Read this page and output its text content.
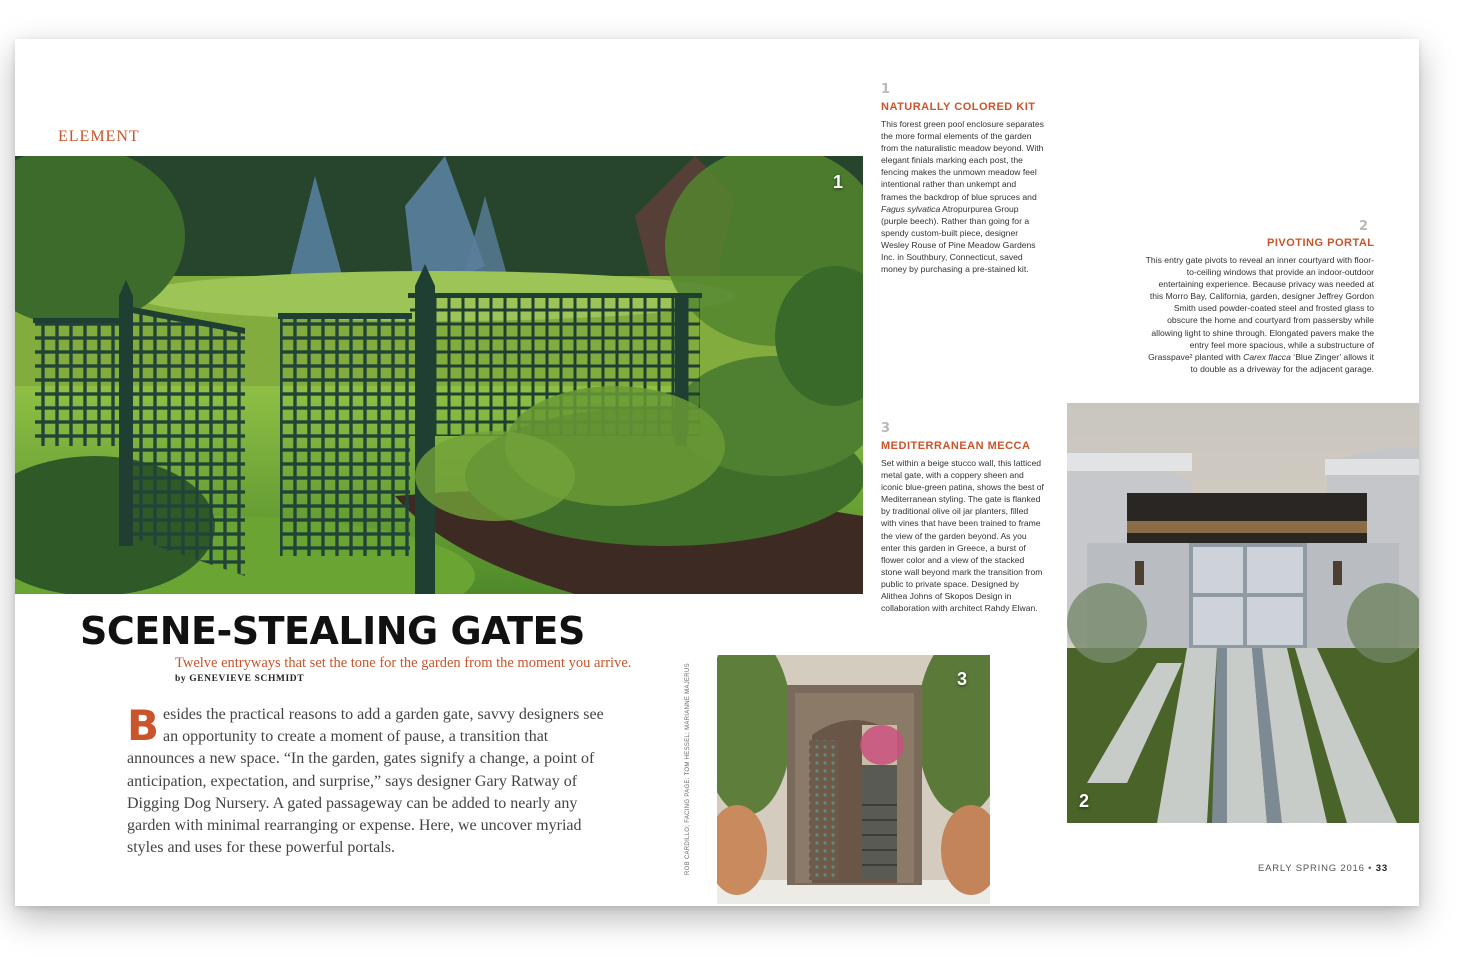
1
ELEMENT
SCENE-STEALING GATES
Twelve entryways that set the tone for the garden from the moment you arrive.
by GENEVIEVE SCHMIDT
Besides the practical reasons to add a garden gate, savvy designers see an opportunity to create a moment of pause, a transition that announces a new space. “In the garden, gates signify a change, a point of anticipation, expectation, and surprise,” says designer Gary Ratway of Digging Dog Nursery. A gated passageway can be added to nearly any garden with minimal rearranging or expense. Here, we uncover myriad styles and uses for these powerful portals.	ROB CARDILLO; FACING PAGE: TOM HESSEL; MARIANNE MAJERUS	3
1
NATURALLY COLORED KIT
This forest green pool enclosure separates the more formal elements of the garden from the naturalistic meadow beyond. With elegant finials marking each post, the fencing makes the unmown meadow feel intentional rather than unkempt and frames the backdrop of blue spruces and Fagus sylvatica Atropurpurea Group (purple beech). Rather than going for a spendy custom-built piece, designer Wesley Rouse of Pine Meadow Gardens Inc. in Southbury, Connecticut, saved money by purchasing a pre-stained kit.
3
MEDITERRANEAN MECCA
Set within a beige stucco wall, this latticed metal gate, with a coppery sheen and iconic blue-green patina, shows the best of Mediterranean styling. The gate is flanked by traditional olive oil jar planters, filled with vines that have been trained to frame the view of the garden beyond. As you enter this garden in Greece, a burst of flower color and a view of the stacked stone wall beyond mark the transition from public to private space. Designed by Alithea Johns of Skopos Design in collaboration with architect Rahdy Elwan.
2
PIVOTING PORTAL
This entry gate pivots to reveal an inner courtyard with floor-to-ceiling windows that provide an indoor-outdoor entertaining experience. Because privacy was needed at this Morro Bay, California, garden, designer Jeffrey Gordon Smith used powder-coated steel and frosted glass to obscure the home and courtyard from passersby while allowing light to shine through. Elongated pavers make the entry feel more spacious, while a substructure of Grasspave² planted with Carex flacca ‘Blue Zinger’ allows it to double as a driveway for the adjacent garage.
2
EARLY SPRING 2016 • 33
